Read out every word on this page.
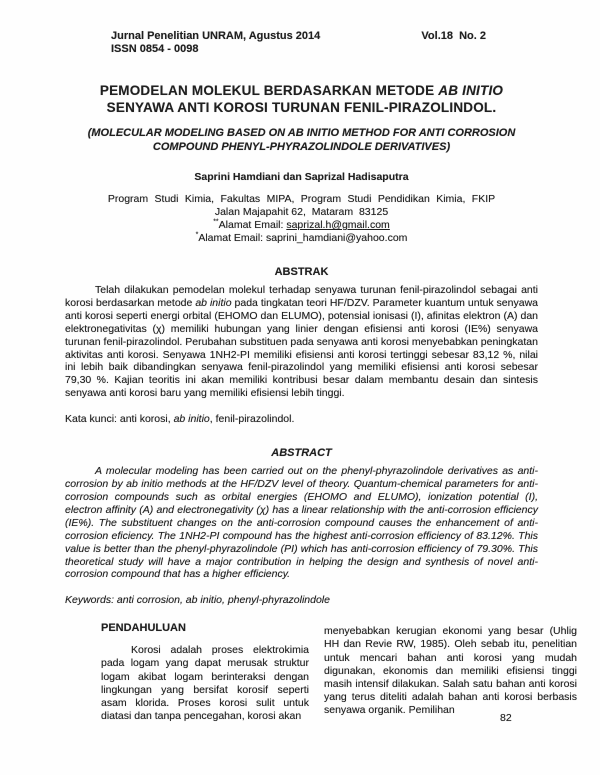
Jurnal Penelitian UNRAM, Agustus 2014
ISSN 0854 - 0098
Vol.18  No. 2
PEMODELAN MOLEKUL BERDASARKAN METODE AB INITIO SENYAWA ANTI KOROSI TURUNAN FENIL-PIRAZOLINDOL.
(MOLECULAR MODELING BASED ON AB INITIO METHOD FOR ANTI CORROSION COMPOUND PHENYL-PHYRAZOLINDOLE DERIVATIVES)
Saprini Hamdiani dan Saprizal Hadisaputra
Program Studi Kimia, Fakultas MIPA, Program Studi Pendidikan Kimia, FKIP
Jalan Majapahit 62,  Mataram  83125
**Alamat Email: saprizal.h@gmail.com
*Alamat Email: saprini_hamdiani@yahoo.com
ABSTRAK

Telah dilakukan pemodelan molekul terhadap senyawa turunan fenil-pirazolindol sebagai anti korosi berdasarkan metode ab initio pada tingkatan teori HF/DZV. Parameter kuantum untuk senyawa anti korosi seperti energi orbital (EHOMO dan ELUMO), potensial ionisasi (I), afinitas elektron (A) dan elektronegativitas (χ) memiliki hubungan yang linier dengan efisiensi anti korosi (IE%) senyawa turunan fenil-pirazolindol. Perubahan substituen pada senyawa anti korosi menyebabkan peningkatan aktivitas anti korosi. Senyawa 1NH2-PI memiliki efisiensi anti korosi tertinggi sebesar 83,12 %, nilai ini lebih baik dibandingkan senyawa fenil-pirazolindol yang memiliki efisiensi anti korosi sebesar 79,30 %. Kajian teoritis ini akan memiliki kontribusi besar dalam membantu desain dan sintesis senyawa anti korosi baru yang memiliki efisiensi lebih tinggi.

Kata kunci: anti korosi, ab initio, fenil-pirazolindol.

ABSTRACT

A molecular modeling has been carried out on the phenyl-phyrazolindole derivatives as anti-corrosion by ab initio methods at the HF/DZV level of theory. Quantum-chemical parameters for anti-corrosion compounds such as orbital energies (EHOMO and ELUMO), ionization potential (I), electron affinity (A) and electronegativity (χ) has a linear relationship with the anti-corrosion efficiency (IE%). The substituent changes on the anti-corrosion compound causes the enhancement of anti-corrosion eficiency. The 1NH2-PI compound has the highest anti-corrosion efficiency of 83.12%. This value is better than the phenyl-phyrazolindole (PI) which has anti-corrosion efficiency of 79.30%. This theoretical study will have a major contribution in helping the design and synthesis of novel anti-corrosion compound that has a higher efficiency.

Keywords: anti corrosion, ab initio, phenyl-phyrazolindole

PENDAHULUAN

Korosi adalah proses elektrokimia pada logam yang dapat merusak struktur logam akibat logam berinteraksi dengan lingkungan yang bersifat korosif seperti asam klorida. Proses korosi sulit untuk diatasi dan tanpa pencegahan, korosi akan

menyebabkan kerugian ekonomi yang besar (Uhlig HH dan Revie RW, 1985). Oleh sebab itu, penelitian untuk mencari bahan anti korosi yang mudah digunakan, ekonomis dan memiliki efisiensi tinggi masih intensif dilakukan. Salah satu bahan anti korosi yang terus diteliti adalah bahan anti korosi berbasis senyawa organik. Pemilihan

82
